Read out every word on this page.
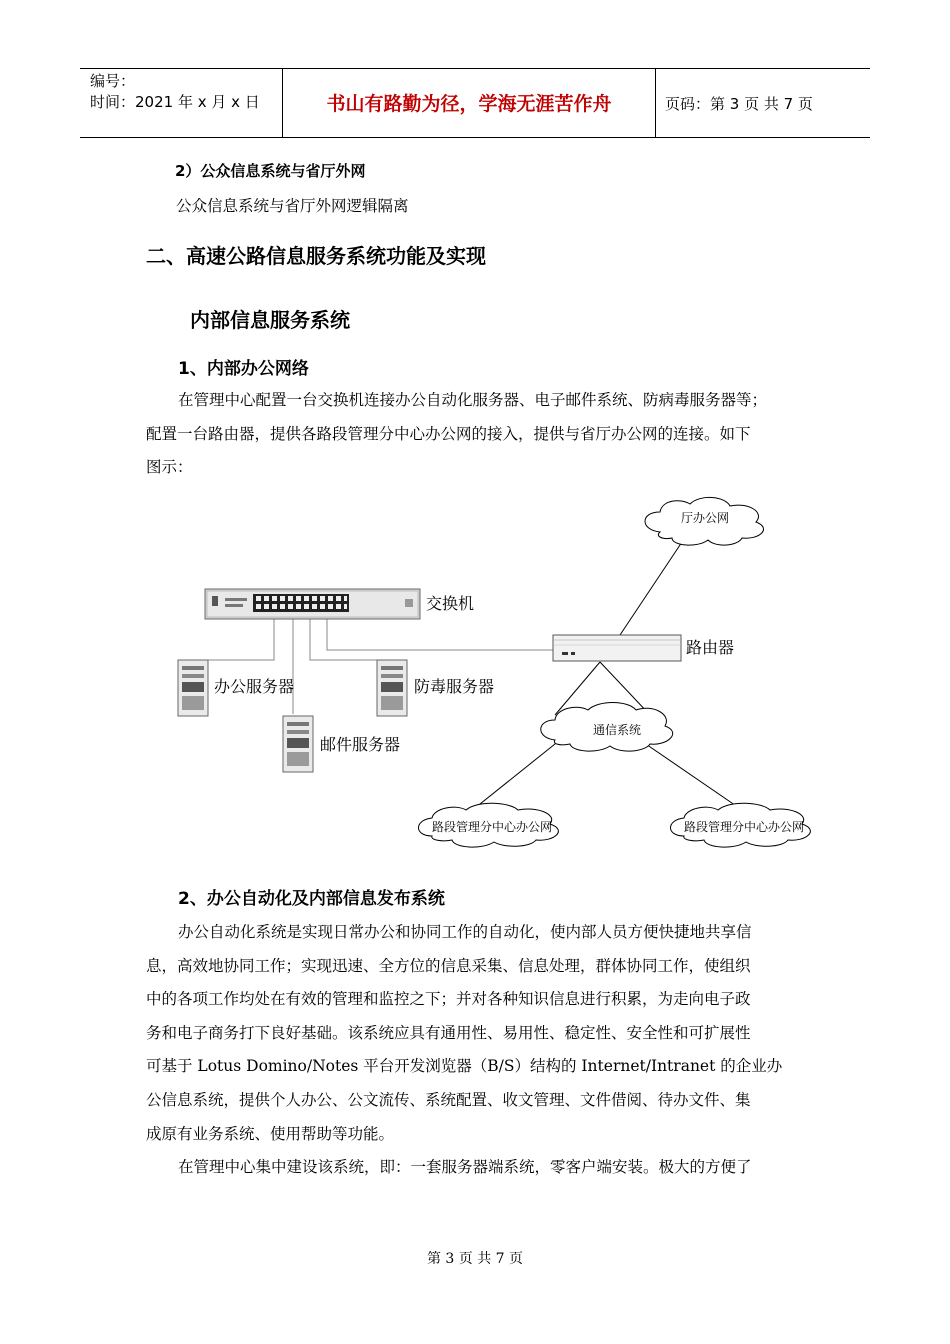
编号：
时间：2021 年 x 月 x 日	书山有路勤为径，学海无涯苦作舟	页码：第 3 页 共 7 页
2）公众信息系统与省厅外网
公众信息系统与省厅外网逻辑隔离
二、高速公路信息服务系统功能及实现
内部信息服务系统
1、内部办公网络
在管理中心配置一台交换机连接办公自动化服务器、电子邮件系统、防病毒服务器等；
配置一台路由器，提供各路段管理分中心办公网的接入，提供与省厅办公网的连接。如下
图示：
交换机
路由器
办公服务器	防毒服务器
邮件服务器
厅办公网
通信系统
路段管理分中心办公网	路段管理分中心办公网
2、办公自动化及内部信息发布系统
办公自动化系统是实现日常办公和协同工作的自动化，使内部人员方便快捷地共享信
息，高效地协同工作；实现迅速、全方位的信息采集、信息处理，群体协同工作，使组织
中的各项工作均处在有效的管理和监控之下；并对各种知识信息进行积累，为走向电子政
务和电子商务打下良好基础。该系统应具有通用性、易用性、稳定性、安全性和可扩展性
可基于 Lotus Domino/Notes 平台开发浏览器（B/S）结构的 Internet/Intranet 的企业办
公信息系统，提供个人办公、公文流传、系统配置、收文管理、文件借阅、待办文件、集
成原有业务系统、使用帮助等功能。
在管理中心集中建设该系统，即：一套服务器端系统，零客户端安装。极大的方便了
第 3 页 共 7 页
